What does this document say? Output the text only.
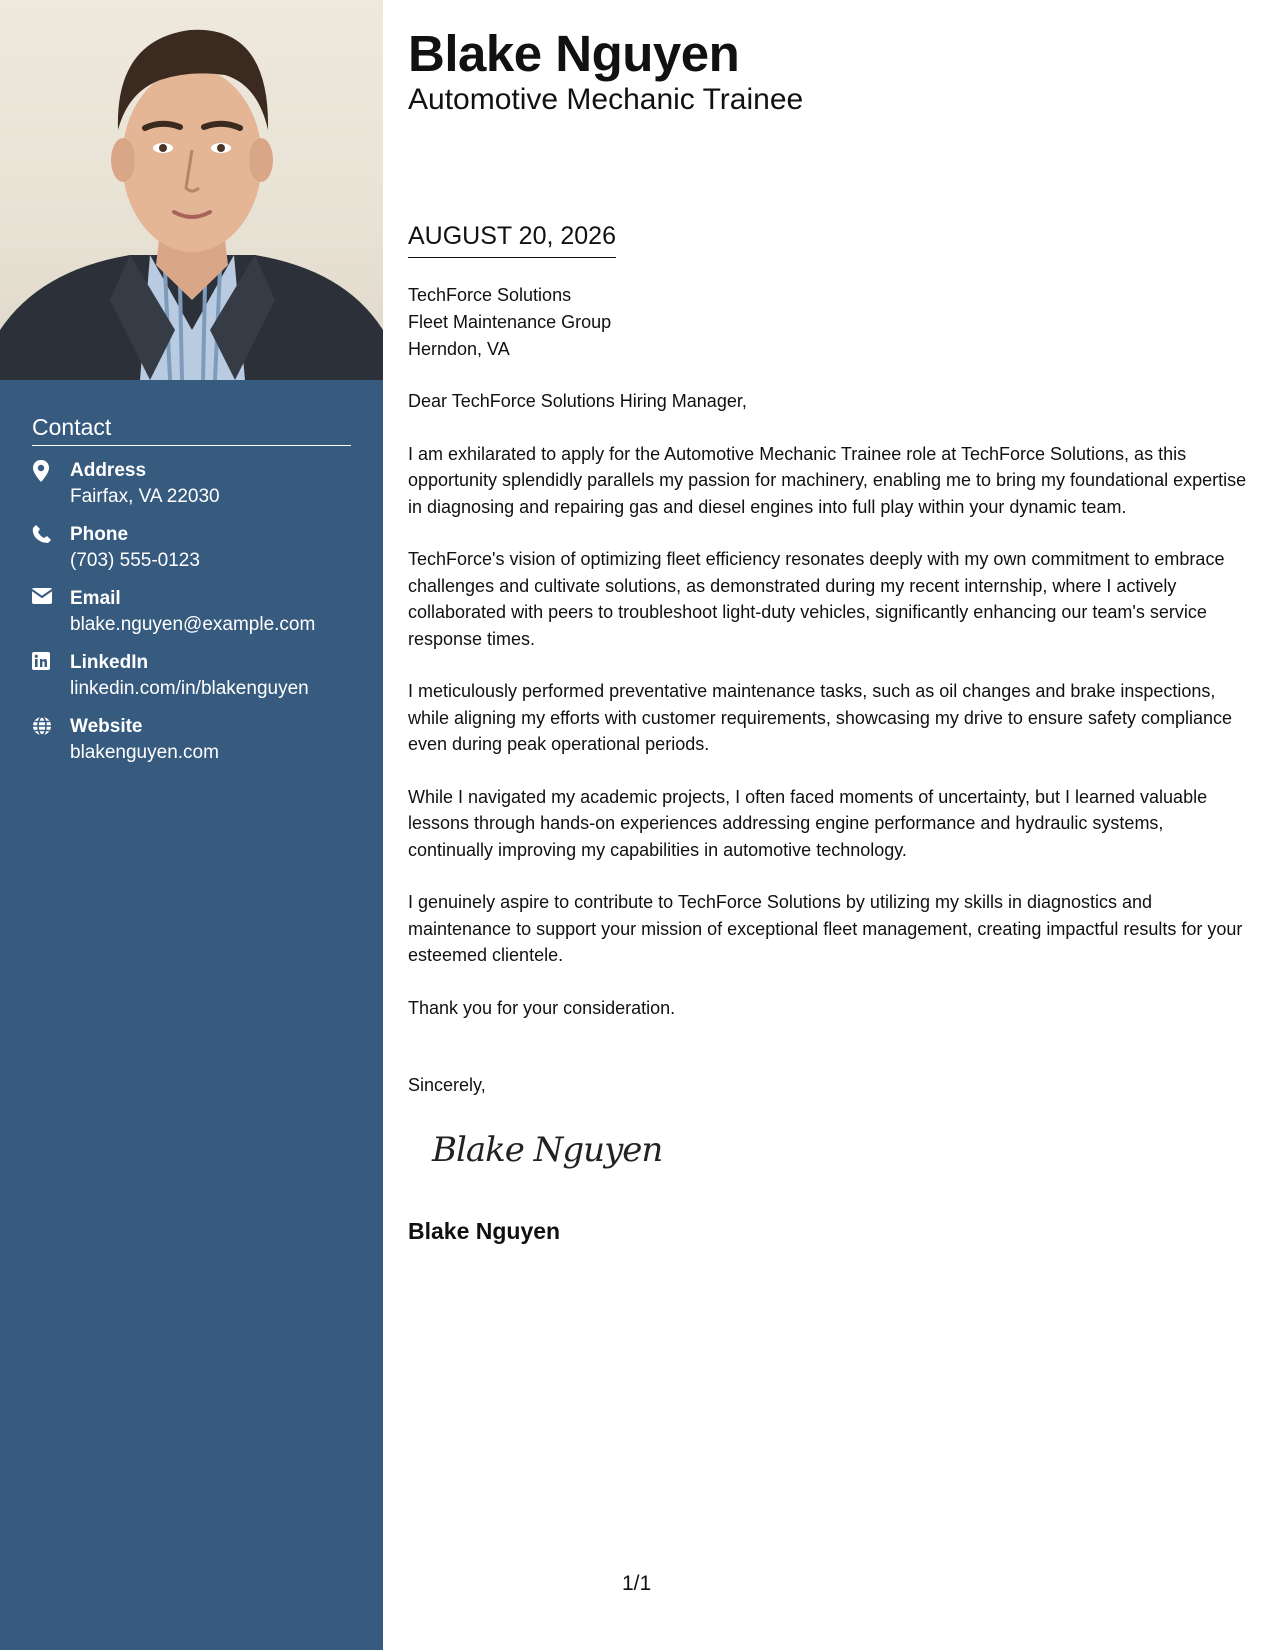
Contact
Address
Fairfax, VA 22030
Phone
(703) 555-0123
Email
blake.nguyen@example.com
LinkedIn
linkedin.com/in/blakenguyen
Website
blakenguyen.com
Blake Nguyen
Automotive Mechanic Trainee
AUGUST 20, 2026
TechForce Solutions
Fleet Maintenance Group
Herndon, VA

Dear TechForce Solutions Hiring Manager,

I am exhilarated to apply for the Automotive Mechanic Trainee role at TechForce Solutions, as this opportunity splendidly parallels my passion for machinery, enabling me to bring my foundational expertise in diagnosing and repairing gas and diesel engines into full play within your dynamic team.

TechForce's vision of optimizing fleet efficiency resonates deeply with my own commitment to embrace challenges and cultivate solutions, as demonstrated during my recent internship, where I actively collaborated with peers to troubleshoot light-duty vehicles, significantly enhancing our team's service response times.

I meticulously performed preventative maintenance tasks, such as oil changes and brake inspections, while aligning my efforts with customer requirements, showcasing my drive to ensure safety compliance even during peak operational periods.

While I navigated my academic projects, I often faced moments of uncertainty, but I learned valuable lessons through hands-on experiences addressing engine performance and hydraulic systems, continually improving my capabilities in automotive technology.

I genuinely aspire to contribute to TechForce Solutions by utilizing my skills in diagnostics and maintenance to support your mission of exceptional fleet management, creating impactful results for your esteemed clientele.

Thank you for your consideration.

Sincerely,
Blake Nguyen
Blake Nguyen
1/1
